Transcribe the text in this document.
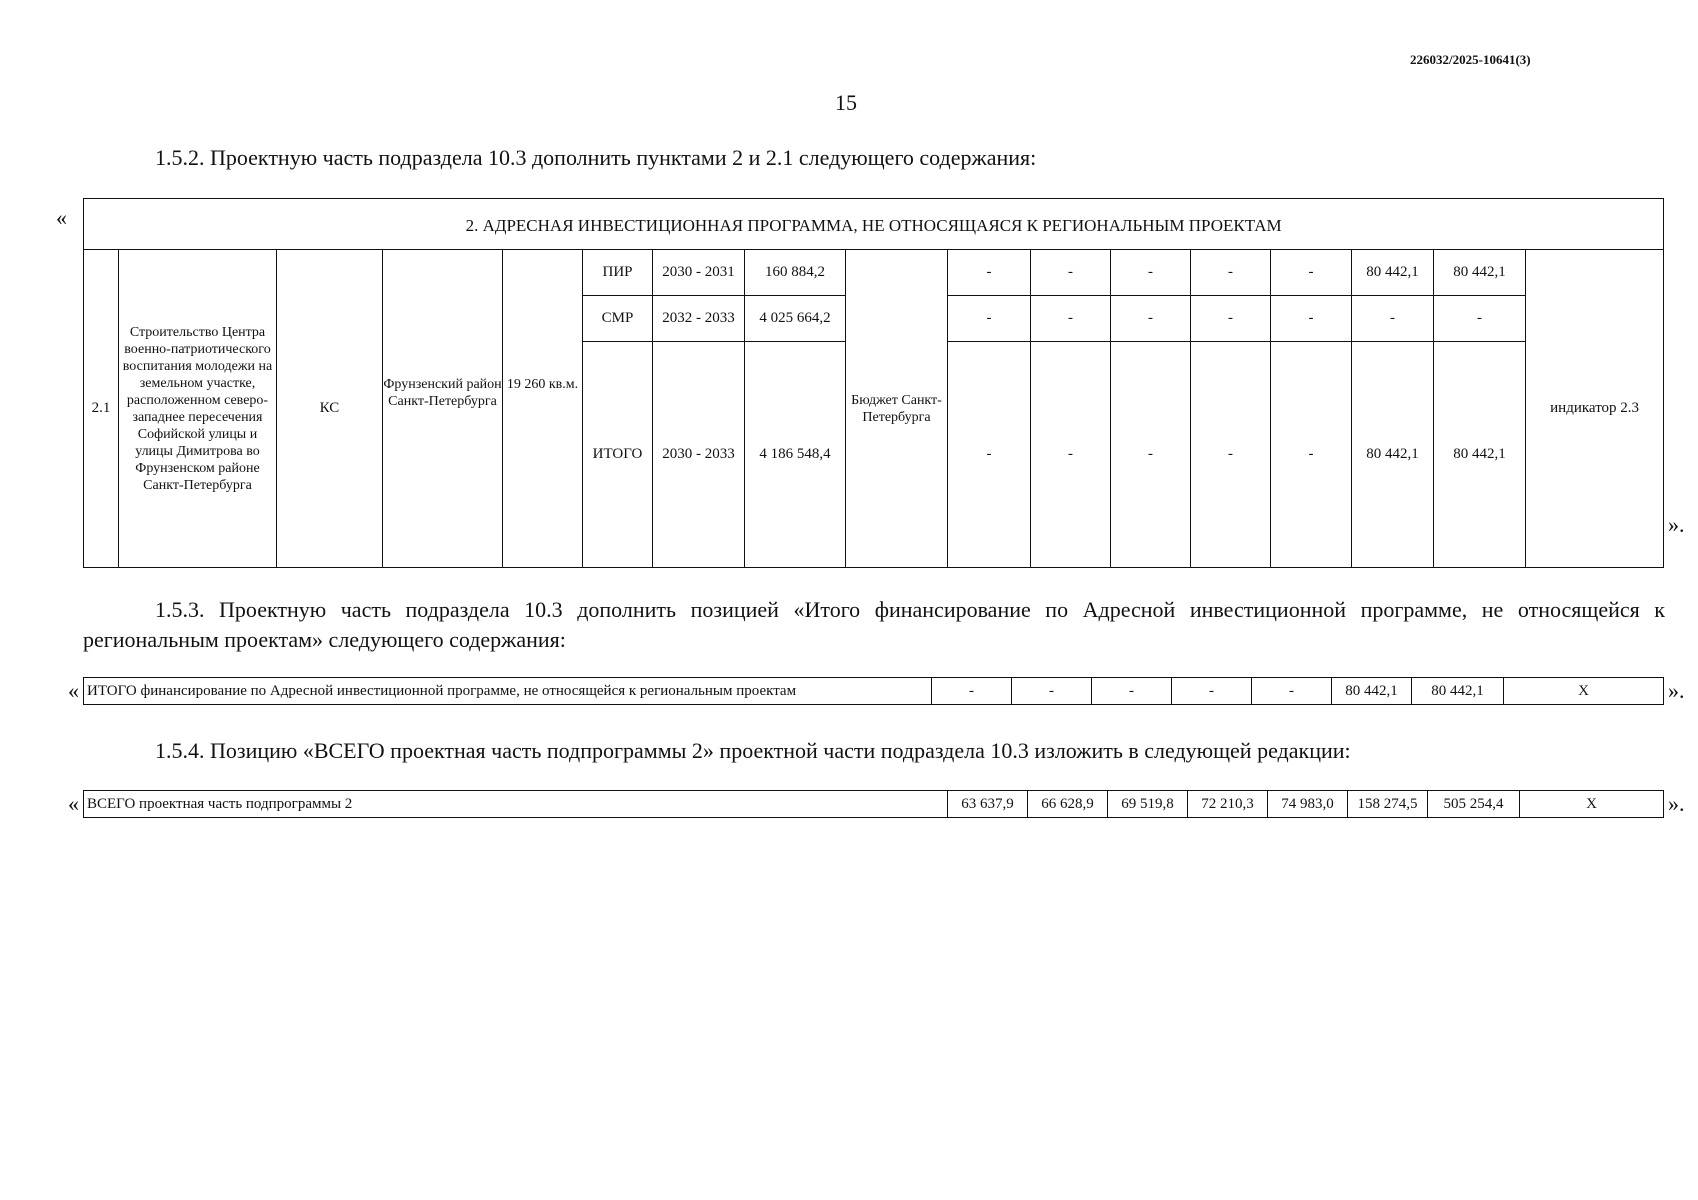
226032/2025-10641(3)
15
1.5.2. Проектную часть подраздела 10.3 дополнить пунктами 2 и 2.1 следующего содержания:
«	2. АДРЕСНАЯ ИНВЕСТИЦИОННАЯ ПРОГРАММА, НЕ ОТНОСЯЩАЯСЯ К РЕГИОНАЛЬНЫМ ПРОЕКТАМ																
2.1	Строительство Центра военно-патриотического воспитания молодежи на земельном участке, расположенном северо-западнее пересечения Софийской улицы и улицы Димитрова во Фрунзенском районе Санкт-Петербурга	КС	Фрунзенский район Санкт-Петербурга	19 260 кв.м.	ПИР	2030 - 2031	160 884,2	Бюджет Санкт-Петербурга	-	-	-	-	-	80 442,1	80 442,1	индикатор 2.3
					СМР	2032 - 2033	4 025 664,2		-	-	-	-	-	-	-	
					ИТОГО	2030 - 2033	4 186 548,4		-	-	-	-	-	80 442,1	80 442,1	
».
1.5.3. Проектную часть подраздела 10.3 дополнить позицией «Итого финансирование по Адресной инвестиционной программе, не относящейся к региональным проектам» следующего содержания:
« ИТОГО финансирование по Адресной инвестиционной программе, не относящейся к региональным проектам	-	-	-	-	-	80 442,1	80 442,1	Х	».
1.5.4. Позицию «ВСЕГО проектная часть подпрограммы 2» проектной части подраздела 10.3 изложить в следующей редакции:
« ВСЕГО проектная часть подпрограммы 2	63 637,9	66 628,9	69 519,8	72 210,3	74 983,0	158 274,5	505 254,4	Х	».
